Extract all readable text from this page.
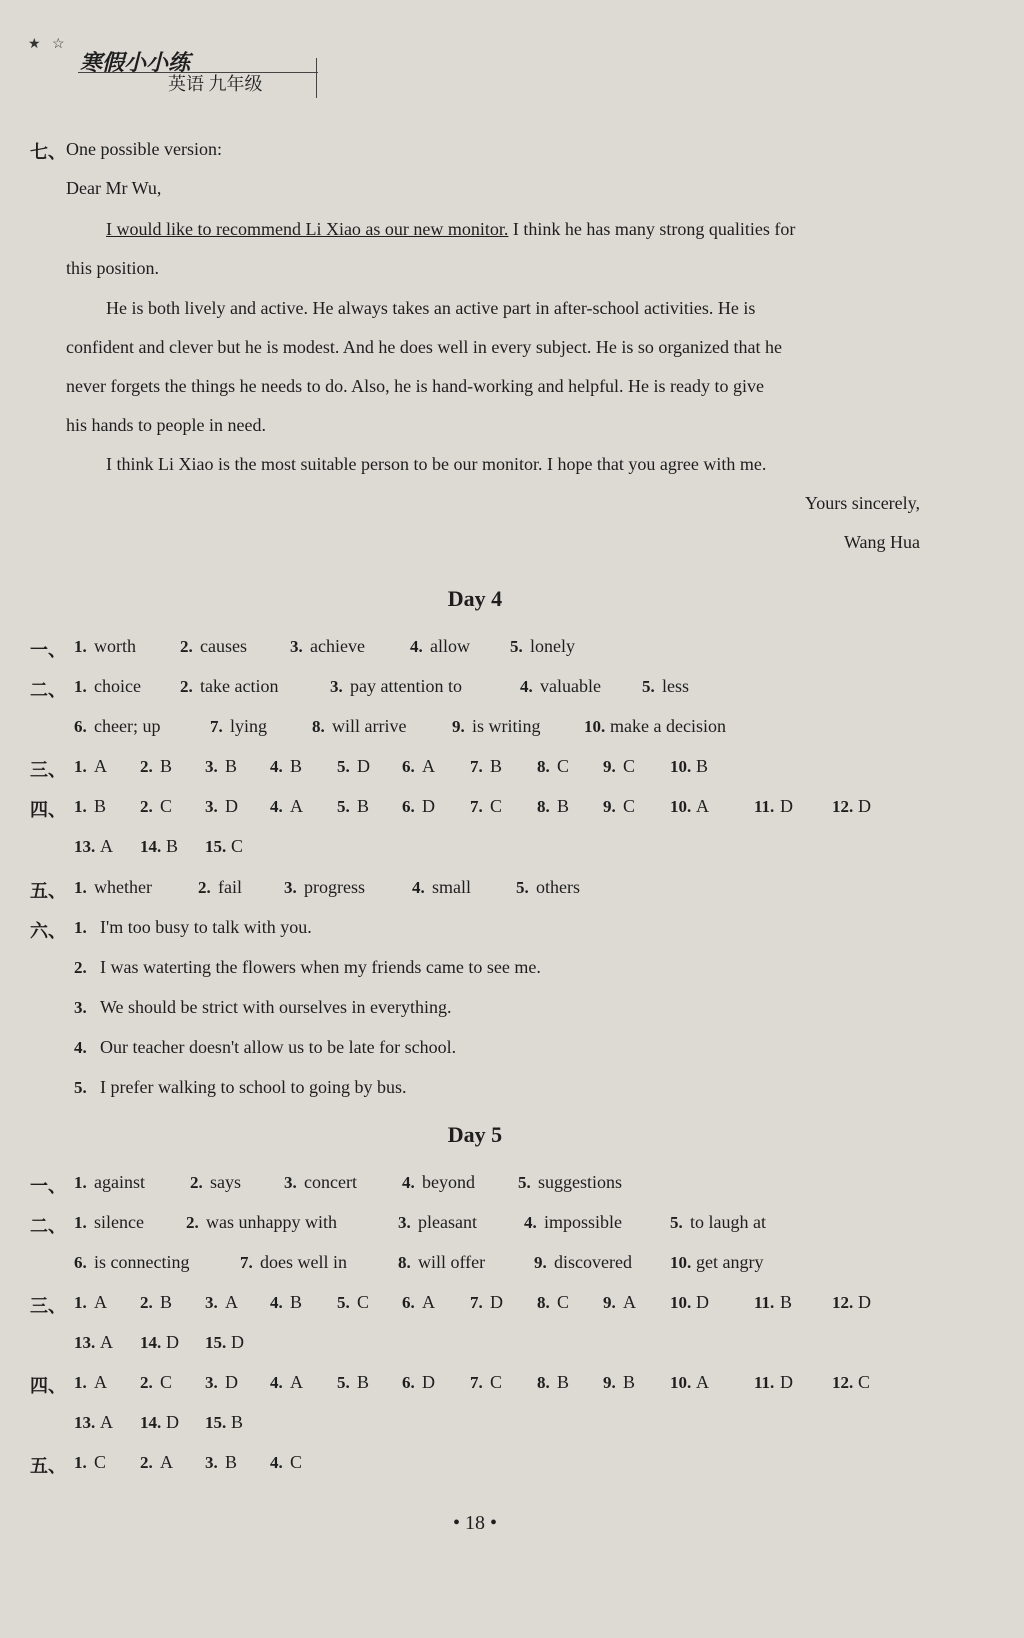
★ ☆
寒假小小练
英语 九年级
七、 One possible version:
Dear Mr Wu,
I would like to recommend Li Xiao as our new monitor. I think he has many strong qualities for
this position.
He is both lively and active. He always takes an active part in after-school activities. He is
confident and clever but he is modest. And he does well in every subject. He is so organized that he
never forgets the things he needs to do. Also, he is hand-working and helpful. He is ready to give
his hands to people in need.
I think Li Xiao is the most suitable person to be our monitor. I hope that you agree with me.
Yours sincerely,
Wang Hua
Day 4
• 18 •
一、 1. worth	2. causes	3. achieve	4. allow 5. lonely
二、 1. choice 2. take action	3. pay attention to	4. valuable 5. less
6. cheer; up	7. lying	8. will arrive	9. is writing	10. make a decision
三、 1. A 2. B 3. B 4. B 5. D 6. A 7. B 8. C 9. C 10. B
四、 1. B 2. C 3. D 4. A 5. B 6. D 7. C 8. B 9. C 10. A	11. D 12. D
13. A 14. B 15. C
五、 1. whether	2. fail 3. progress	4. small	5. others
六、 1. I'm too busy to talk with you.
2. I was waterting the flowers when my friends came to see me.
3. We should be strict with ourselves in everything.
4. Our teacher doesn't allow us to be late for school.
5. I prefer walking to school to going by bus.
Day 5
一、 1. against	2. says	3. concert	4. beyond	5. suggestions
二、 1. silence 2. was unhappy with	3. pleasant	4. impossible	5. to laugh at
6. is connecting	7. does well in	8. will offer	9. discovered 10. get angry
三、 1. A 2. B 3. A 4. B 5. C 6. A 7. D 8. C 9. A 10. D	11. B 12. D
13. A 14. D 15. D
四、 1. A 2. C 3. D 4. A 5. B 6. D 7. C 8. B 9. B 10. A	11. D 12. C
13. A 14. D 15. B
五、 1. C 2. A 3. B 4. C
